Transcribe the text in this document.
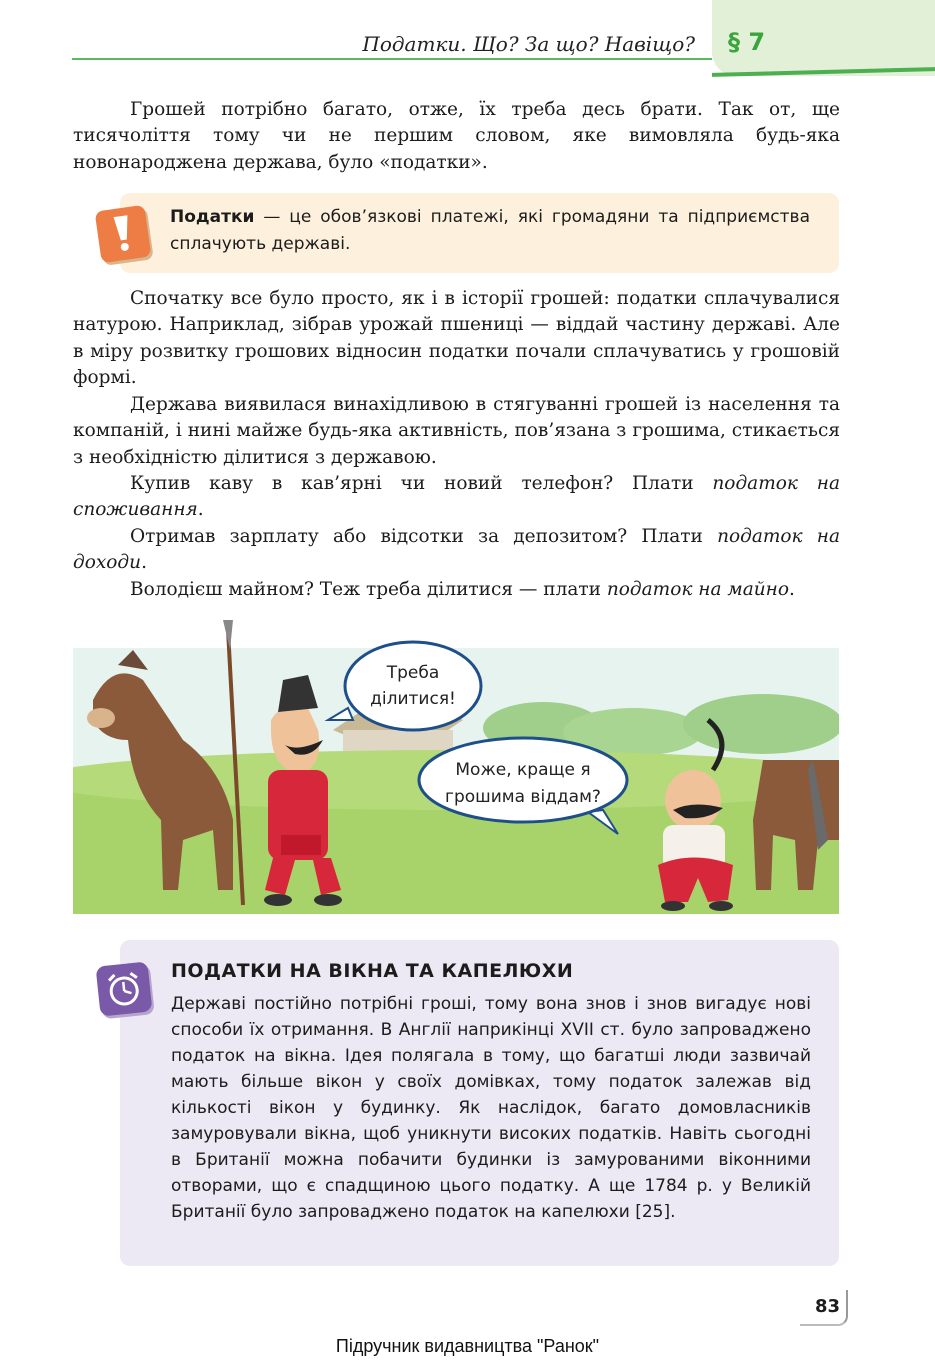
Податки. Що? За що? Навіщо? § 7

Грошей потрібно багато, отже, їх треба десь брати. Так от, ще тисячоліття тому чи не першим словом, яке вимовляла будь-яка новонароджена держава, було «податки».

Податки — це обов’язкові платежі, які громадяни та підприємства сплачують державі.

Спочатку все було просто, як і в історії грошей: податки сплачувалися натурою. Наприклад, зібрав урожай пшениці — віддай частину державі. Але в міру розвитку грошових відносин податки почали сплачуватись у грошовій формі.

Держава виявилася винахідливою в стягуванні грошей із населення та компаній, і нині майже будь-яка активність, пов’язана з грошима, стикається з необхідністю ділитися з державою.

Купив каву в кав’ярні чи новий телефон? Плати податок на споживання.

Отримав зарплату або відсотки за депозитом? Плати податок на доходи.

Володієш майном? Теж треба ділитися — плати податок на майно.

Треба
ділитися!
Може, краще я
грошима віддам?
ПОДАТКИ НА ВІКНА ТА КАПЕЛЮХИ

Державі постійно потрібні гроші, тому вона знов і знов вигадує нові способи їх отримання. В Англії наприкінці XVII ст. було запроваджено податок на вікна. Ідея полягала в тому, що багатші люди зазвичай мають більше вікон у своїх домівках, тому податок залежав від кількості вікон у будинку. Як наслідок, багато домовласників замуровували вікна, щоб уникнути високих податків. Навіть сьогодні в Британії можна побачити будинки із замурованими віконними отворами, що є спадщиною цього податку. А ще 1784 р. у Великій Британії було запроваджено податок на капелюхи [25].

83
Підручник видавництва "Ранок"
